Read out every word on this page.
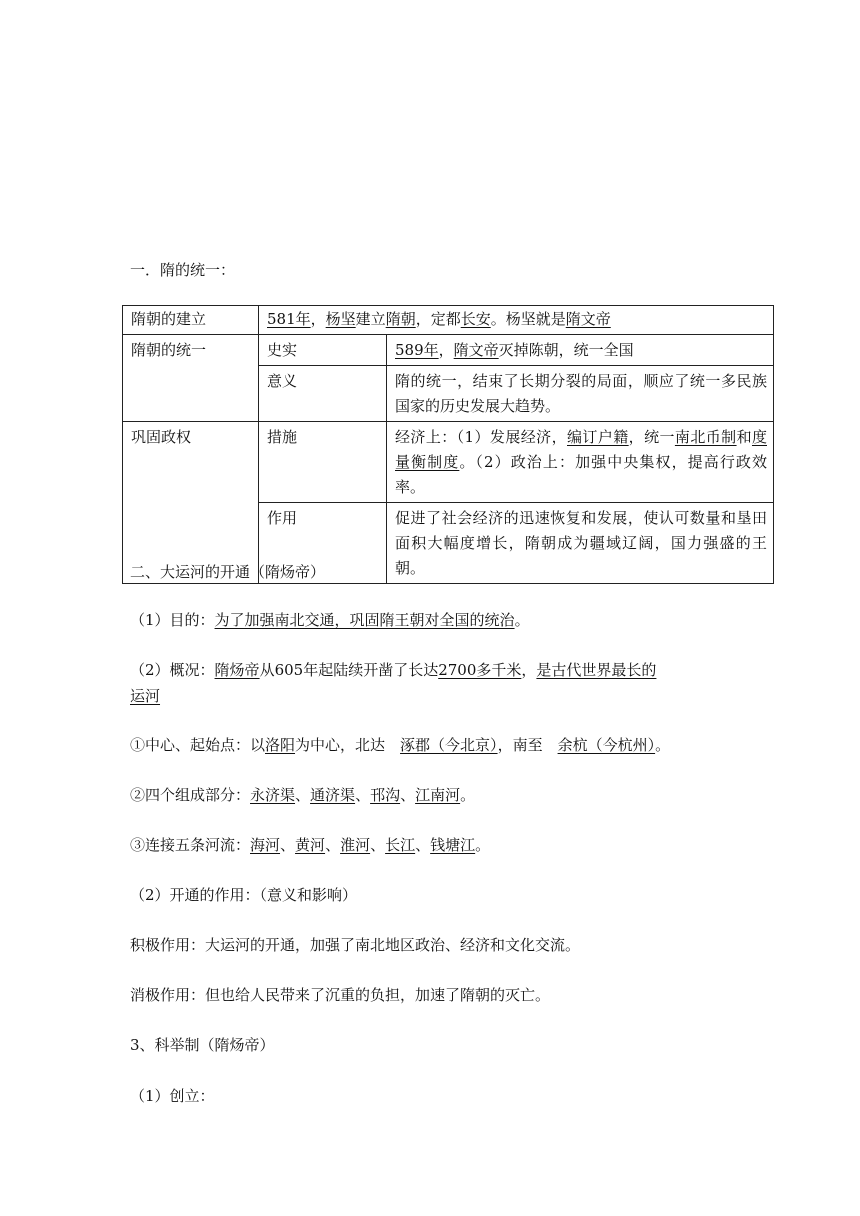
一．隋的统一：
隋朝的建立	581年，杨坚建立隋朝，定都长安。杨坚就是隋文帝	
隋朝的统一	史实	589年，隋文帝灭掉陈朝，统一全国
	意义	隋的统一，结束了长期分裂的局面，顺应了统一多民族国家的历史发展大趋势。
巩固政权	措施	经济上：（1）发展经济，编订户籍，统一南北币制和度量衡制度。（2）政治上：加强中央集权，提高行政效率。
	作用	促进了社会经济的迅速恢复和发展，使认可数量和垦田面积大幅度增长，隋朝成为疆域辽阔，国力强盛的王朝。
二、大运河的开通（隋炀帝）
（1）目的：为了加强南北交通，巩固隋王朝对全国的统治。
（2）概况：隋炀帝从605年起陆续开凿了长达2700多千米，是古代世界最长的
运河
①中心、起始点：以洛阳为中心，北达　涿郡（今北京），南至　余杭（今杭州）。
②四个组成部分：永济渠、通济渠、邗沟、江南河。
③连接五条河流：海河、黄河、淮河、长江、钱塘江。
（2）开通的作用：（意义和影响）
积极作用：大运河的开通，加强了南北地区政治、经济和文化交流。
消极作用：但也给人民带来了沉重的负担，加速了隋朝的灭亡。
3、科举制（隋炀帝）
（1）创立：
